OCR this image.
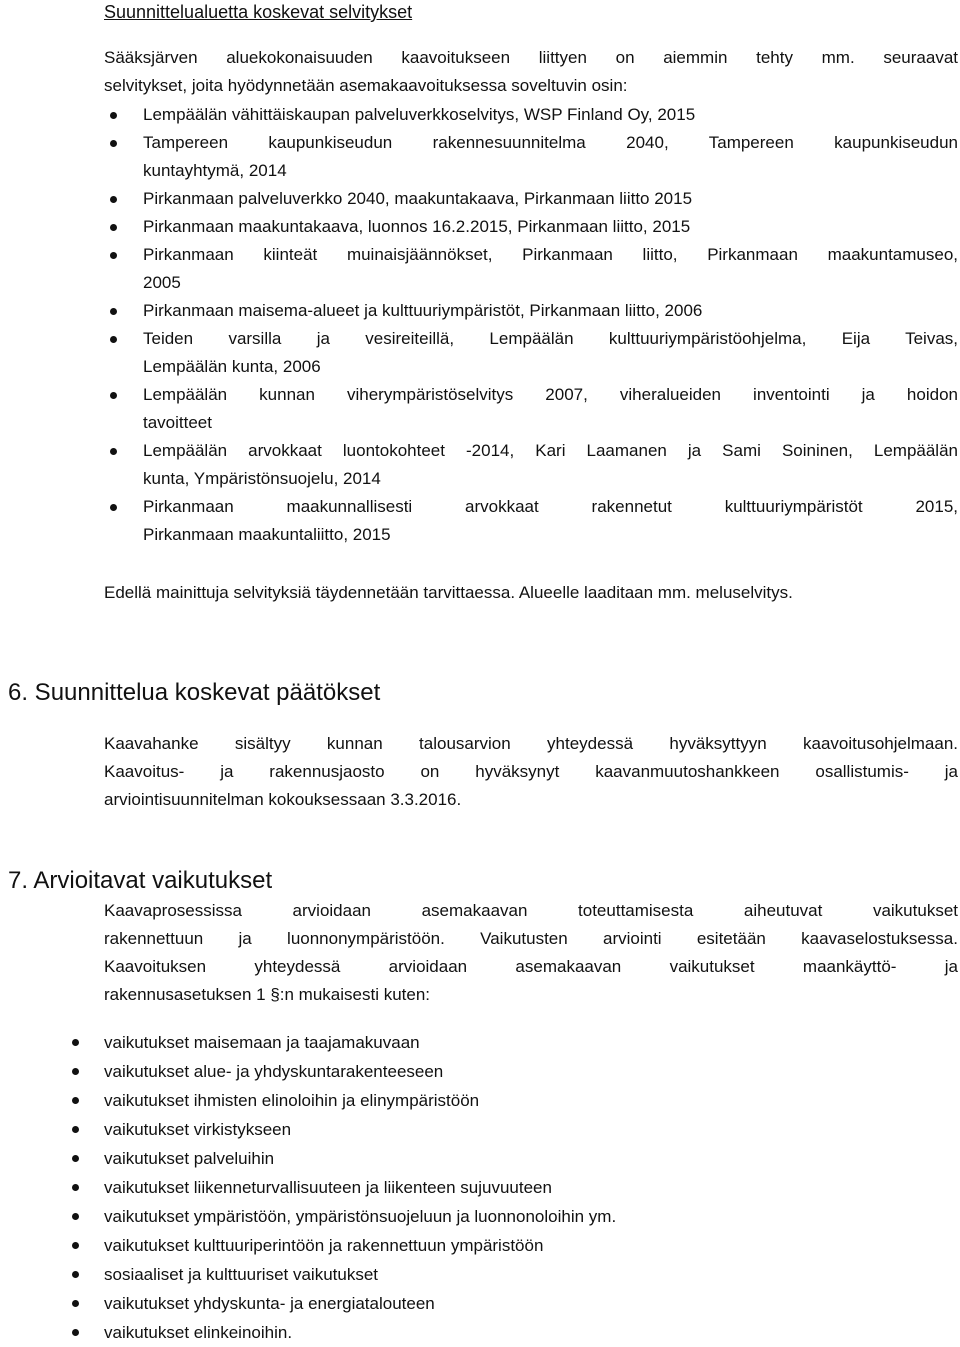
Suunnittelualuetta koskevat selvitykset

Sääksjärven aluekokonaisuuden kaavoitukseen liittyen on aiemmin tehty mm. seuraavat
selvitykset, joita hyödynnetään asemakaavoituksessa soveltuvin osin:

Lempäälän vähittäiskaupan palveluverkkoselvitys, WSP Finland Oy, 2015
Tampereen kaupunkiseudun rakennesuunnitelma 2040, Tampereen kaupunkiseudun
kuntayhtymä, 2014
Pirkanmaan palveluverkko 2040, maakuntakaava, Pirkanmaan liitto 2015
Pirkanmaan maakuntakaava, luonnos 16.2.2015, Pirkanmaan liitto, 2015
Pirkanmaan kiinteät muinaisjäännökset, Pirkanmaan liitto, Pirkanmaan maakuntamuseo,
2005
Pirkanmaan maisema-alueet ja kulttuuriympäristöt, Pirkanmaan liitto, 2006
Teiden varsilla ja vesireiteillä, Lempäälän kulttuuriympäristöohjelma, Eija Teivas,
Lempäälän kunta, 2006
Lempäälän kunnan viherympäristöselvitys 2007, viheralueiden inventointi ja hoidon
tavoitteet
Lempäälän arvokkaat luontokohteet -2014, Kari Laamanen ja Sami Soininen, Lempäälän
kunta, Ympäristönsuojelu, 2014
Pirkanmaan maakunnallisesti arvokkaat rakennetut kulttuuriympäristöt 2015,
Pirkanmaan maakuntaliitto, 2015

Edellä mainittuja selvityksiä täydennetään tarvittaessa. Alueelle laaditaan mm. meluselvitys.

6. Suunnittelua koskevat päätökset

Kaavahanke sisältyy kunnan talousarvion yhteydessä hyväksyttyyn kaavoitusohjelmaan.
Kaavoitus- ja rakennusjaosto on hyväksynyt kaavanmuutoshankkeen osallistumis- ja
arviointisuunnitelman kokouksessaan 3.3.2016.

7. Arvioitavat vaikutukset

Kaavaprosessissa arvioidaan asemakaavan toteuttamisesta aiheutuvat vaikutukset
rakennettuun ja luonnonympäristöön. Vaikutusten arviointi esitetään kaavaselostuksessa.
Kaavoituksen yhteydessä arvioidaan asemakaavan vaikutukset maankäyttö- ja
rakennusasetuksen 1 §:n mukaisesti kuten:

vaikutukset maisemaan ja taajamakuvaan
vaikutukset alue- ja yhdyskuntarakenteeseen
vaikutukset ihmisten elinoloihin ja elinympäristöön
vaikutukset virkistykseen
vaikutukset palveluihin
vaikutukset liikenneturvallisuuteen ja liikenteen sujuvuuteen
vaikutukset ympäristöön, ympäristönsuojeluun ja luonnonoloihin ym.
vaikutukset kulttuuriperintöön ja rakennettuun ympäristöön
sosiaaliset ja kulttuuriset vaikutukset
vaikutukset yhdyskunta- ja energiatalouteen
vaikutukset elinkeinoihin.
